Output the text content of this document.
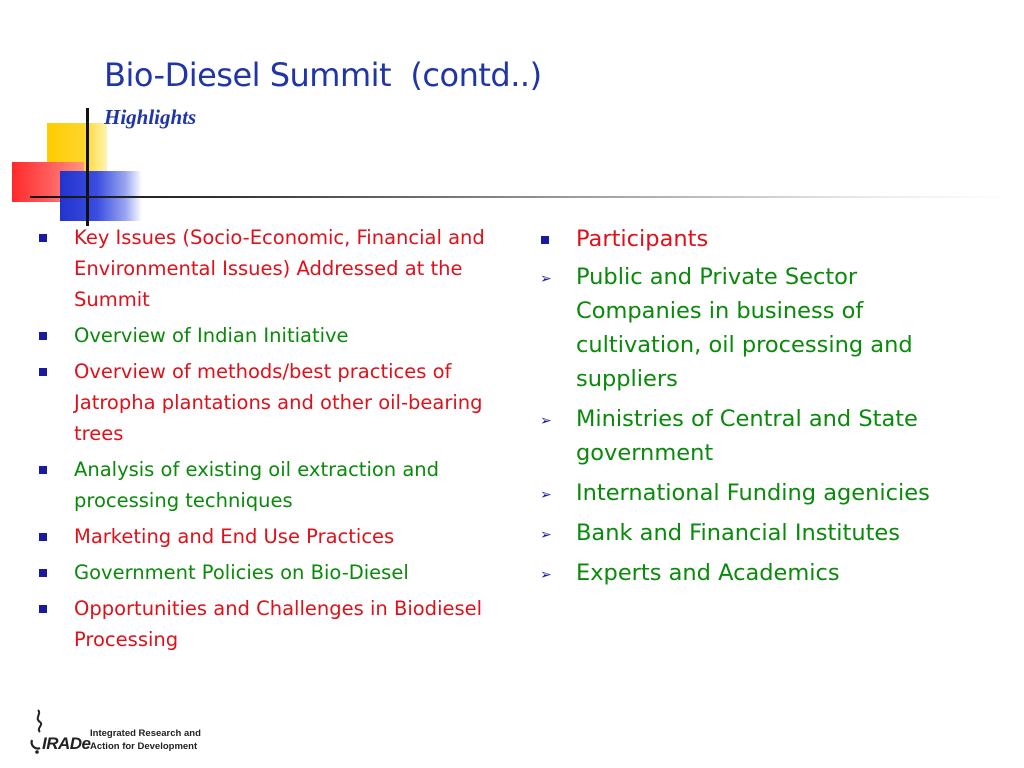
Bio-Diesel Summit  (contd..)
Highlights
Key Issues (Socio-Economic, Financial and Environmental Issues) Addressed at the Summit
Overview of Indian Initiative
Overview of methods/best practices of Jatropha plantations and other oil-bearing trees
Analysis of existing oil extraction and processing techniques
Marketing and End Use Practices
Government Policies on Bio-Diesel
Opportunities and Challenges in Biodiesel Processing
Participants
➢ Public and Private Sector Companies in business of cultivation, oil processing and suppliers
➢ Ministries of Central and State government
➢ International Funding agenicies
➢ Bank and Financial Institutes
➢ Experts and Academics
IRADe
Integrated Research and
Action for Development
